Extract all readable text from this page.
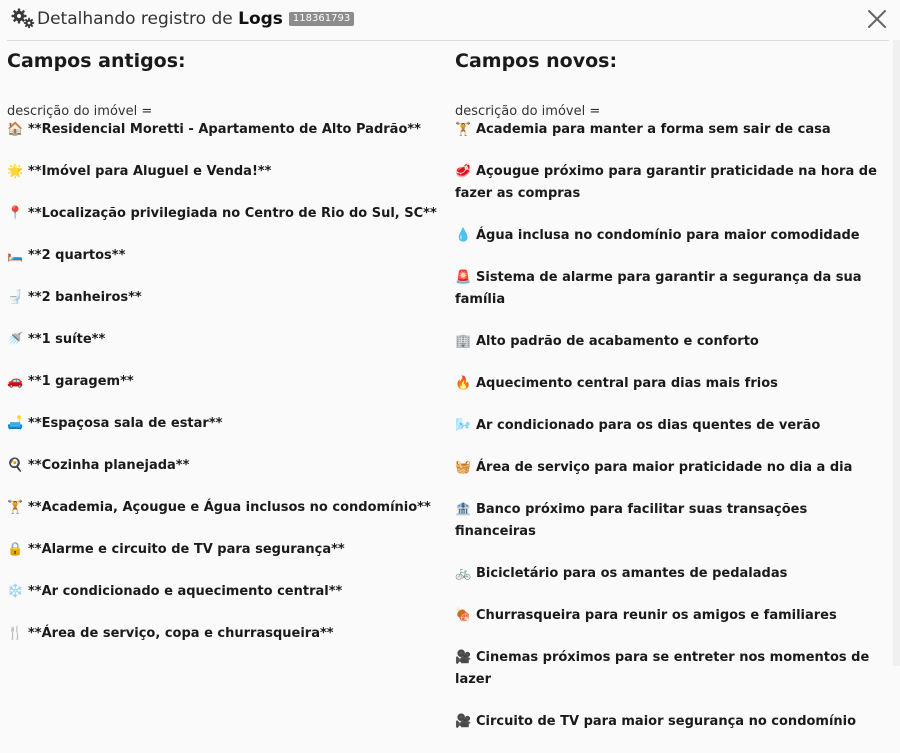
Detalhando registro de Logs 118361793
Campos antigos:
descrição do imóvel =
🏠 **Residencial Moretti - Apartamento de Alto Padrão**
🌟 **Imóvel para Aluguel e Venda!**
📍 **Localização privilegiada no Centro de Rio do Sul, SC**
🛏️ **2 quartos**
🚽 **2 banheiros**
🚿 **1 suíte**
🚗 **1 garagem**
🛋️ **Espaçosa sala de estar**
🍳 **Cozinha planejada**
🏋️ **Academia, Açougue e Água inclusos no condomínio**
🔒 **Alarme e circuito de TV para segurança**
❄️ **Ar condicionado e aquecimento central**
🍴 **Área de serviço, copa e churrasqueira**
Campos novos:
descrição do imóvel =
🏋️ Academia para manter a forma sem sair de casa
🥩 Açougue próximo para garantir praticidade na hora de fazer as compras
💧 Água inclusa no condomínio para maior comodidade
🚨 Sistema de alarme para garantir a segurança da sua família
🏢 Alto padrão de acabamento e conforto
🔥 Aquecimento central para dias mais frios
🌬️ Ar condicionado para os dias quentes de verão
🧺 Área de serviço para maior praticidade no dia a dia
🏦 Banco próximo para facilitar suas transações financeiras
🚲 Bicicletário para os amantes de pedaladas
🍖 Churrasqueira para reunir os amigos e familiares
🎥 Cinemas próximos para se entreter nos momentos de lazer
🎥 Circuito de TV para maior segurança no condomínio
